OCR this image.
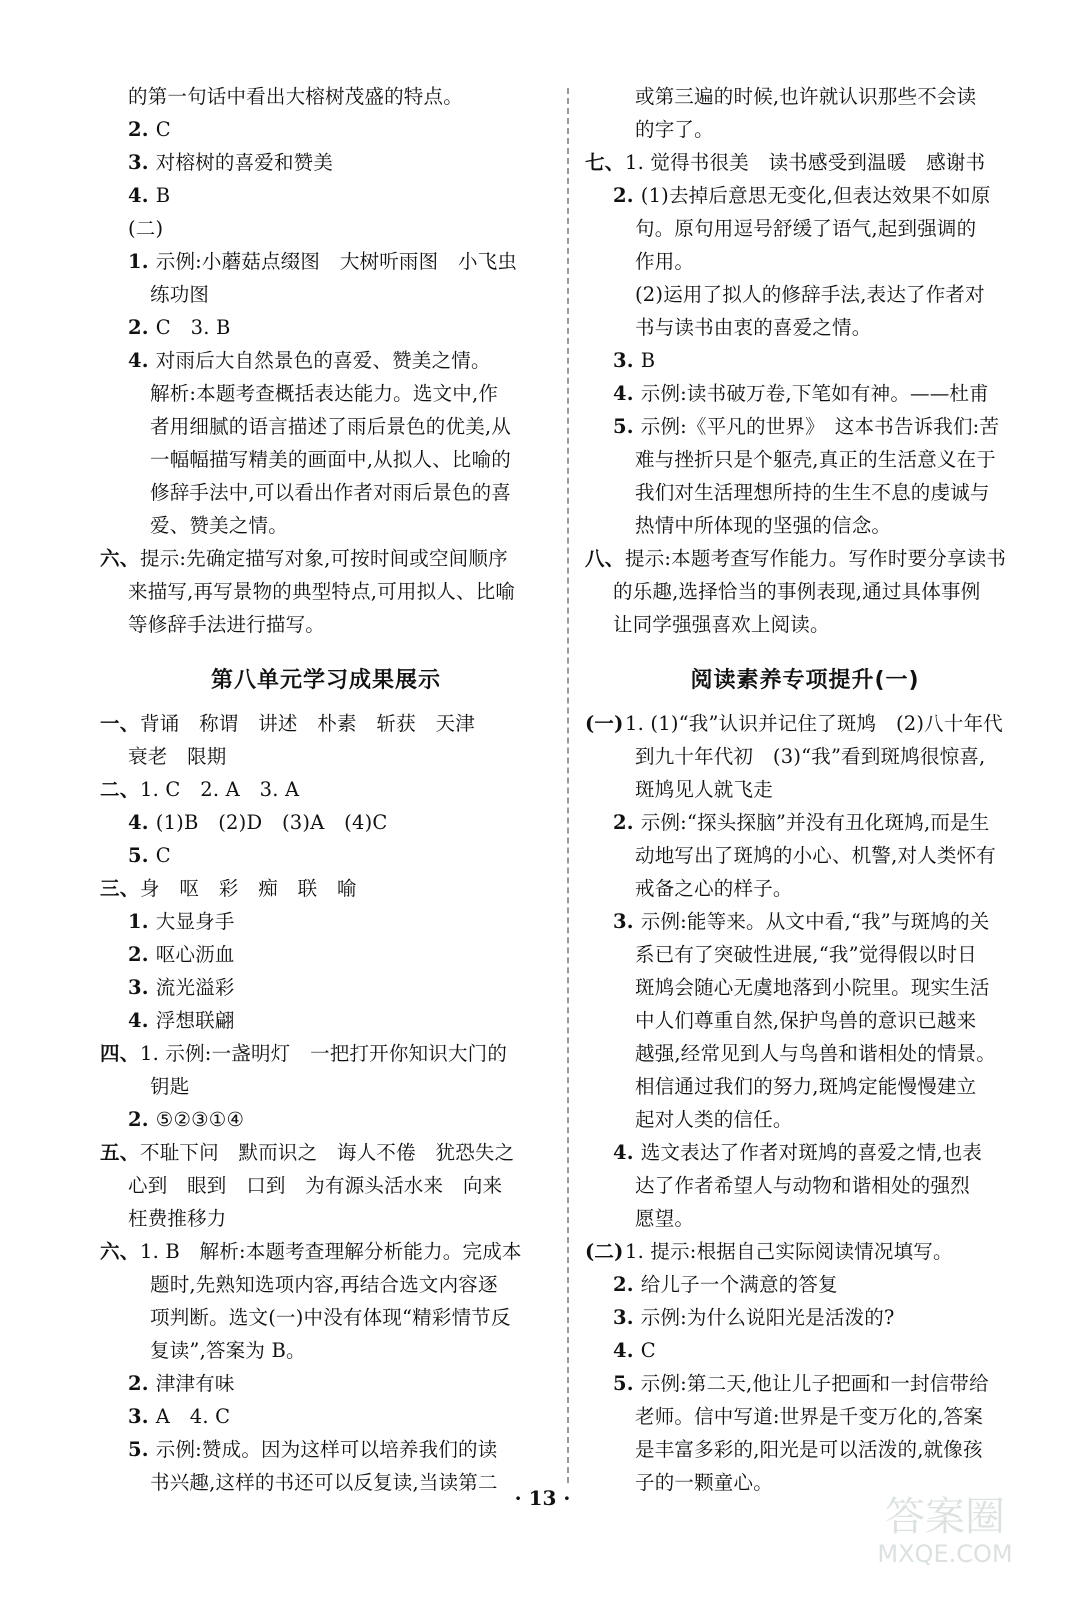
的第一句话中看出大榕树茂盛的特点。
2. C
3. 对榕树的喜爱和赞美
4. B
(二)
1. 示例:小蘑菇点缀图　大树听雨图　小飞虫
练功图
2. C　3. B
4. 对雨后大自然景色的喜爱、赞美之情。
解析:本题考查概括表达能力。选文中,作
者用细腻的语言描述了雨后景色的优美,从
一幅幅描写精美的画面中,从拟人、比喻的
修辞手法中,可以看出作者对雨后景色的喜
爱、赞美之情。
六、 提示:先确定描写对象,可按时间或空间顺序
来描写,再写景物的典型特点,可用拟人、比喻
等修辞手法进行描写。
第八单元学习成果展示
一、 背诵　称谓　讲述　朴素　斩获　天津
衰老　限期
二、 1. C　2. A　3. A
4. (1)B　(2)D　(3)A　(4)C
5. C
三、 身　呕　彩　痴　联　喻
1. 大显身手
2. 呕心沥血
3. 流光溢彩
4. 浮想联翩
四、 1. 示例:一盏明灯　一把打开你知识大门的
钥匙
2. ⑤②③①④
五、 不耻下问　默而识之　诲人不倦　犹恐失之
心到　眼到　口到　为有源头活水来　向来
枉费推移力
六、 1. B　解析:本题考查理解分析能力。完成本
题时,先熟知选项内容,再结合选文内容逐
项判断。选文(一)中没有体现“精彩情节反
复读”,答案为 B。
2. 津津有味
3. A　4. C
5. 示例:赞成。因为这样可以培养我们的读
书兴趣,这样的书还可以反复读,当读第二
或第三遍的时候,也许就认识那些不会读
的字了。
七、 1. 觉得书很美　读书感受到温暖　感谢书
2. (1)去掉后意思无变化,但表达效果不如原
句。原句用逗号舒缓了语气,起到强调的
作用。
(2)运用了拟人的修辞手法,表达了作者对
书与读书由衷的喜爱之情。
3. B
4. 示例:读书破万卷,下笔如有神。——杜甫
5. 示例:《平凡的世界》　这本书告诉我们:苦
难与挫折只是个躯壳,真正的生活意义在于
我们对生活理想所持的生生不息的虔诚与
热情中所体现的坚强的信念。
八、 提示:本题考查写作能力。写作时要分享读书
的乐趣,选择恰当的事例表现,通过具体事例
让同学强强喜欢上阅读。
阅读素养专项提升(一)
(一) 1. (1)“我”认识并记住了斑鸠　(2)八十年代
到九十年代初　(3)“我”看到斑鸠很惊喜,
斑鸠见人就飞走
2. 示例:“探头探脑”并没有丑化斑鸠,而是生
动地写出了斑鸠的小心、机警,对人类怀有
戒备之心的样子。
3. 示例:能等来。从文中看,“我”与斑鸠的关
系已有了突破性进展,“我”觉得假以时日
斑鸠会随心无虞地落到小院里。现实生活
中人们尊重自然,保护鸟兽的意识已越来
越强,经常见到人与鸟兽和谐相处的情景。
相信通过我们的努力,斑鸠定能慢慢建立
起对人类的信任。
4. 选文表达了作者对斑鸠的喜爱之情,也表
达了作者希望人与动物和谐相处的强烈
愿望。
(二) 1. 提示:根据自己实际阅读情况填写。
2. 给儿子一个满意的答复
3. 示例:为什么说阳光是活泼的?
4. C
5. 示例:第二天,他让儿子把画和一封信带给
老师。信中写道:世界是千变万化的,答案
是丰富多彩的,阳光是可以活泼的,就像孩
子的一颗童心。
· 13 ·	答案圈
MXQE.COM
